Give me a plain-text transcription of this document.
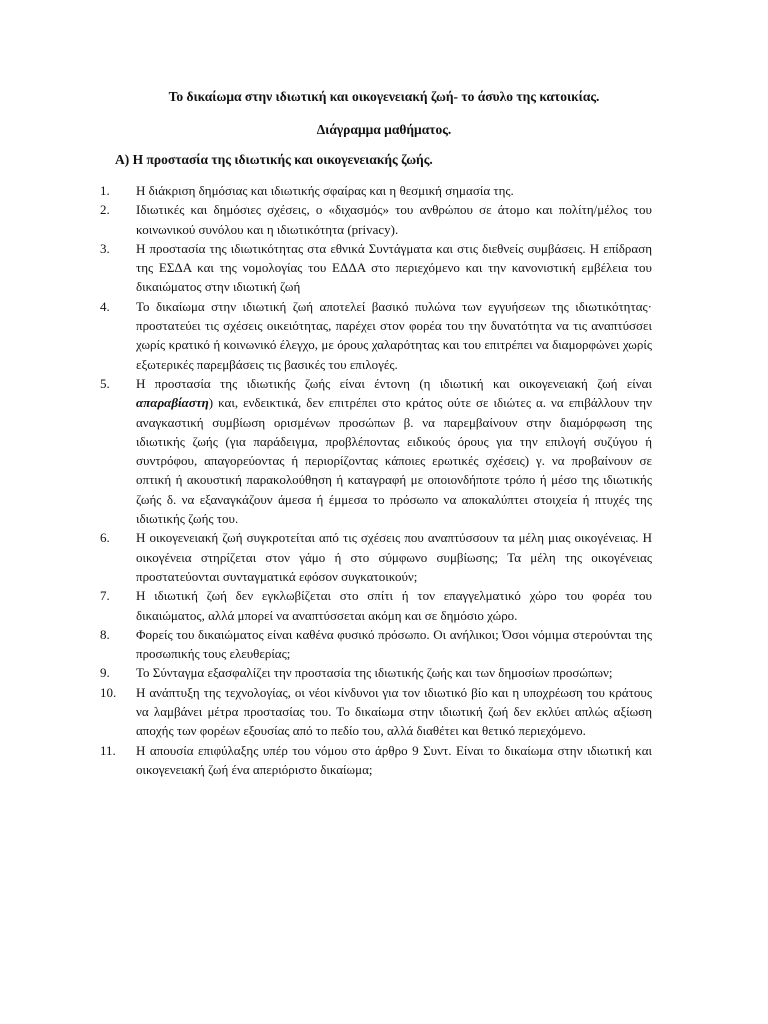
Το δικαίωμα στην ιδιωτική και οικογενειακή ζωή- το άσυλο της κατοικίας.
Διάγραμμα μαθήματος.
Α) Η προστασία της ιδιωτικής και οικογενειακής ζωής.
1.	Η διάκριση δημόσιας και ιδιωτικής σφαίρας και η θεσμική σημασία της.
2.	Ιδιωτικές και δημόσιες σχέσεις, ο «διχασμός» του ανθρώπου σε άτομο και πολίτη/μέλος του κοινωνικού συνόλου και η ιδιωτικότητα (privacy).
3.	Η προστασία της ιδιωτικότητας στα εθνικά Συντάγματα και στις διεθνείς συμβάσεις. Η επίδραση της ΕΣΔΑ και της νομολογίας του ΕΔΔΑ στο περιεχόμενο και την κανονιστική εμβέλεια του δικαιώματος στην ιδιωτική ζωή
4.	Το δικαίωμα στην ιδιωτική ζωή αποτελεί βασικό πυλώνα των εγγυήσεων της ιδιωτικότητας· προστατεύει τις σχέσεις οικειότητας, παρέχει στον φορέα του την δυνατότητα να τις αναπτύσσει χωρίς κρατικό ή κοινωνικό έλεγχο, με όρους χαλαρότητας και του επιτρέπει να διαμορφώνει χωρίς εξωτερικές παρεμβάσεις τις βασικές του επιλογές.
5.	Η προστασία της ιδιωτικής ζωής είναι έντονη (η ιδιωτική και οικογενειακή ζωή είναι απαραβίαστη) και, ενδεικτικά, δεν επιτρέπει στο κράτος ούτε σε ιδιώτες α. να επιβάλλουν την αναγκαστική συμβίωση ορισμένων προσώπων β. να παρεμβαίνουν στην διαμόρφωση της ιδιωτικής ζωής (για παράδειγμα, προβλέποντας ειδικούς όρους για την επιλογή συζύγου ή συντρόφου, απαγορεύοντας ή περιορίζοντας κάποιες ερωτικές σχέσεις) γ. να προβαίνουν σε οπτική ή ακουστική παρακολούθηση ή καταγραφή με οποιονδήποτε τρόπο ή μέσο της ιδιωτικής ζωής δ. να εξαναγκάζουν άμεσα ή έμμεσα το πρόσωπο να αποκαλύπτει στοιχεία ή πτυχές της ιδιωτικής ζωής του.
6.	Η οικογενειακή ζωή συγκροτείται από τις σχέσεις που αναπτύσσουν τα μέλη μιας οικογένειας. Η οικογένεια στηρίζεται στον γάμο ή στο σύμφωνο συμβίωσης; Τα μέλη της οικογένειας προστατεύονται συνταγματικά εφόσον συγκατοικούν;
7.	Η ιδιωτική ζωή δεν εγκλωβίζεται στο σπίτι ή τον επαγγελματικό χώρο του φορέα του δικαιώματος, αλλά μπορεί να αναπτύσσεται ακόμη και σε δημόσιο χώρο.
8.	Φορείς του δικαιώματος είναι καθένα φυσικό πρόσωπο. Οι ανήλικοι; Όσοι νόμιμα στερούνται της προσωπικής τους ελευθερίας;
9.	Το Σύνταγμα εξασφαλίζει την προστασία της ιδιωτικής ζωής και των δημοσίων προσώπων;
10.	Η ανάπτυξη της τεχνολογίας, οι νέοι κίνδυνοι για τον ιδιωτικό βίο και η υποχρέωση του κράτους να λαμβάνει μέτρα προστασίας του. Το δικαίωμα στην ιδιωτική ζωή δεν εκλύει απλώς αξίωση αποχής των φορέων εξουσίας από το πεδίο του, αλλά διαθέτει και θετικό περιεχόμενο.
11.	Η απουσία επιφύλαξης υπέρ του νόμου στο άρθρο 9 Συντ. Είναι το δικαίωμα στην ιδιωτική και οικογενειακή ζωή ένα απεριόριστο δικαίωμα;
